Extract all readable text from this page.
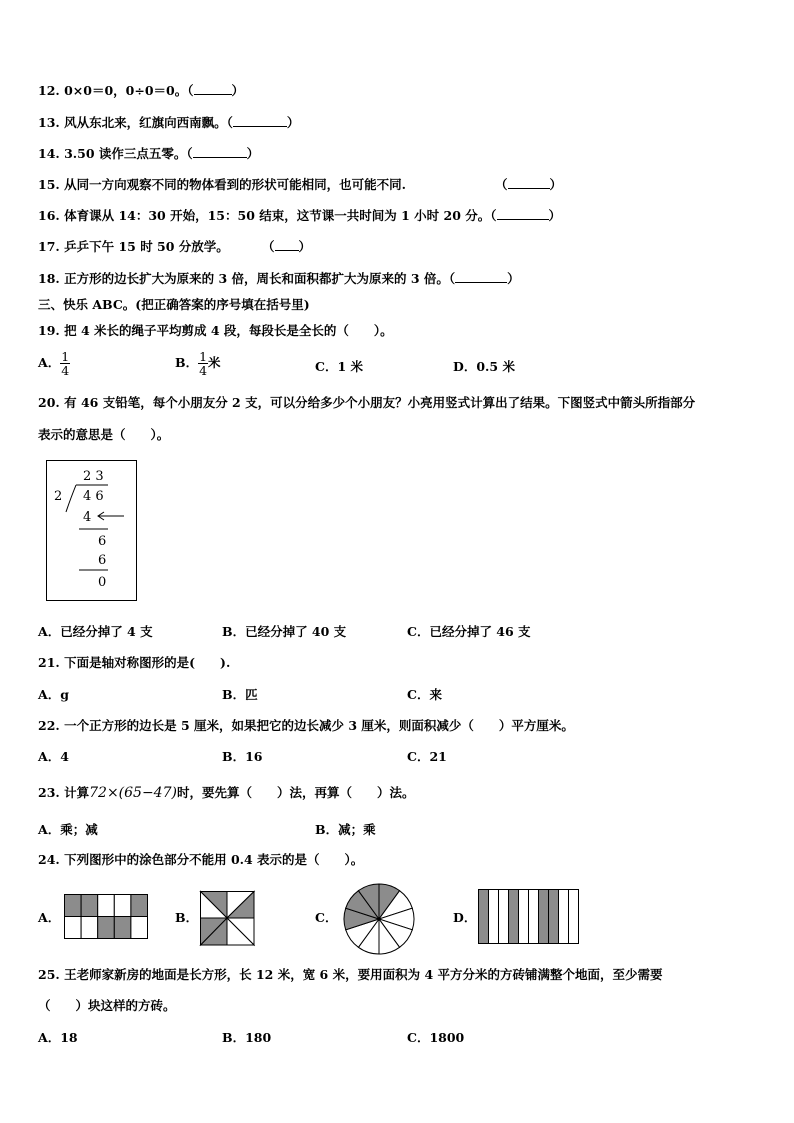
12. 0×0＝0，0÷0＝0。（	）
13. 风从东北来，红旗向西南飘。（	）
14. 3.50 读作三点五零。（	）
15. 从同一方向观察不同的物体看到的形状可能相同，也可能不同.	（	）
16. 体育课从 14：30 开始，15：50 结束，这节课一共时间为 1 小时 20 分。（	）
17. 乒乒下午 15 时 50 分放学。	（ ）
18. 正方形的边长扩大为原来的 3 倍，周长和面积都扩大为原来的 3 倍。（	）
三、快乐 ABC。(把正确答案的序号填在括号里)
19. 把 4 米长的绳子平均剪成 4 段，每段长是全长的（　　）。
A． $\frac{1}{4}$	B． $\frac{1}{4}$ 米	C．1 米	D．0.5 米
20. 有 46 支铅笔，每个小朋友分 2 支，可以分给多少个小朋友？小亮用竖式计算出了结果。下图竖式中箭头所指部分
表示的意思是（　　）。
2 3
2 4 6
4
6
6
0
A．已经分掉了 4 支	B．已经分掉了 40 支	C．已经分掉了 46 支
21. 下面是轴对称图形的是(　　).
A．g	B．匹	C．来
22. 一个正方形的边长是 5 厘米，如果把它的边长减少 3 厘米，则面积减少（　　）平方厘米。
A．4	B．16	C．21
23. 计算72×(65−47)时，要先算（　　）法，再算（　　）法。
A．乘；减	B．减；乘
24. 下列图形中的涂色部分不能用 0.4 表示的是（　　）。
A．	B．	C．	D．
25. 王老师家新房的地面是长方形，长 12 米，宽 6 米，要用面积为 4 平方分米的方砖铺满整个地面，至少需要
（　　）块这样的方砖。
A．18	B．180	C．1800
